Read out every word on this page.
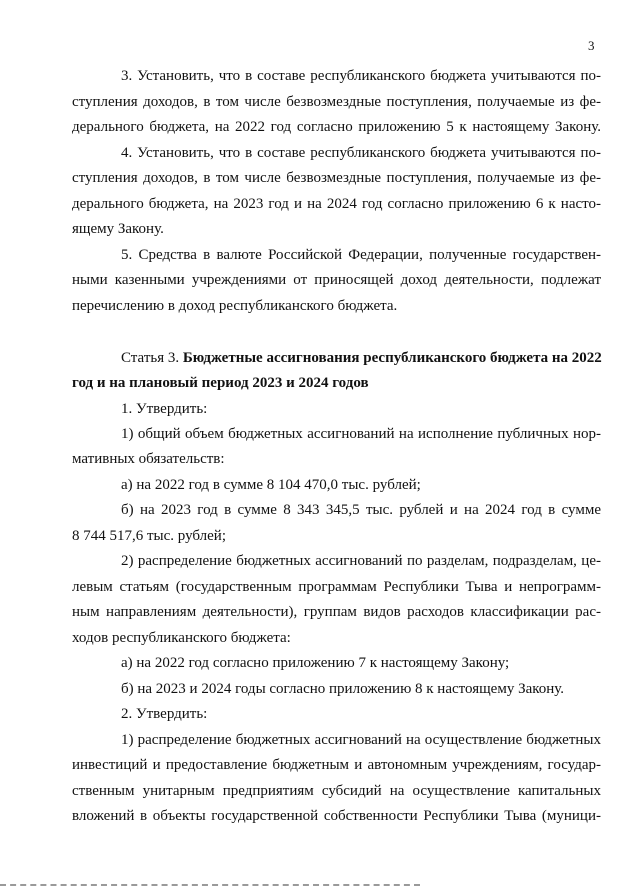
3
3. Установить, что в составе республиканского бюджета учитываются по-
ступления доходов, в том числе безвозмездные поступления, получаемые из фе-
дерального бюджета, на 2022 год согласно приложению 5 к настоящему Закону.
4. Установить, что в составе республиканского бюджета учитываются по-
ступления доходов, в том числе безвозмездные поступления, получаемые из фе-
дерального бюджета, на 2023 год и на 2024 год согласно приложению 6 к насто-
ящему Закону.
5. Средства в валюте Российской Федерации, полученные государствен-
ными казенными учреждениями от приносящей доход деятельности, подлежат
перечислению в доход республиканского бюджета.
Статья 3. Бюджетные ассигнования республиканского бюджета на 2022
год и на плановый период 2023 и 2024 годов
1. Утвердить:
1) общий объем бюджетных ассигнований на исполнение публичных нор-
мативных обязательств:
а) на 2022 год в сумме 8 104 470,0 тыс. рублей;
б) на 2023 год в сумме 8 343 345,5 тыс. рублей и на 2024 год в сумме
8 744 517,6 тыс. рублей;
2) распределение бюджетных ассигнований по разделам, подразделам, це-
левым статьям (государственным программам Республики Тыва и непрограмм-
ным направлениям деятельности), группам видов расходов классификации рас-
ходов республиканского бюджета:
а) на 2022 год согласно приложению 7 к настоящему Закону;
б) на 2023 и 2024 годы согласно приложению 8 к настоящему Закону.
2. Утвердить:
1) распределение бюджетных ассигнований на осуществление бюджетных
инвестиций и предоставление бюджетным и автономным учреждениям, государ-
ственным унитарным предприятиям субсидий на осуществление капитальных
вложений в объекты государственной собственности Республики Тыва (муници-
